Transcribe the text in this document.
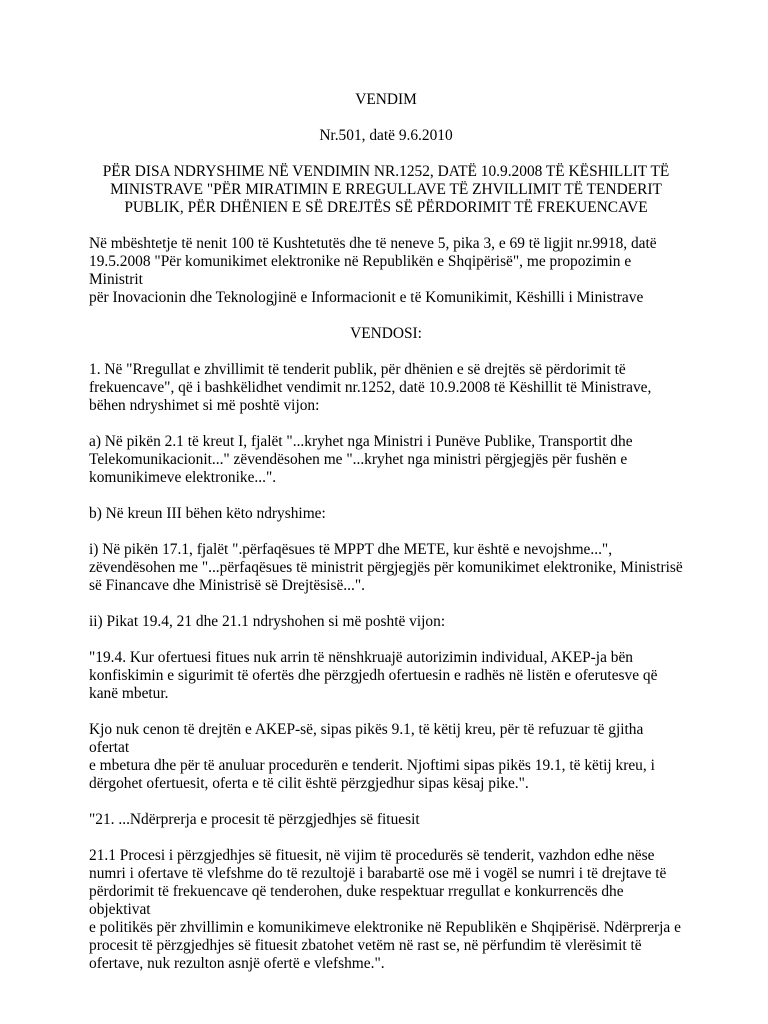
VENDIM

Nr.501, datë 9.6.2010

PËR DISA NDRYSHIME NË VENDIMIN NR.1252, DATË 10.9.2008 TË KËSHILLIT TË
MINISTRAVE "PËR MIRATIMIN E RREGULLAVE TË ZHVILLIMIT TË TENDERIT
PUBLIK, PËR DHËNIEN E SË DREJTËS SË PËRDORIMIT TË FREKUENCAVE

Në mbështetje të nenit 100 të Kushtetutës dhe të neneve 5, pika 3, e 69 të ligjit nr.9918, datë
19.5.2008 "Për komunikimet elektronike në Republikën e Shqipërisë", me propozimin e Ministrit
për Inovacionin dhe Teknologjinë e Informacionit e të Komunikimit, Këshilli i Ministrave

VENDOSI:

1. Në "Rregullat e zhvillimit të tenderit publik, për dhënien e së drejtës së përdorimit të
frekuencave", që i bashkëlidhet vendimit nr.1252, datë 10.9.2008 të Këshillit të Ministrave,
bëhen ndryshimet si më poshtë vijon:

a) Në pikën 2.1 të kreut I, fjalët "...kryhet nga Ministri i Punëve Publike, Transportit dhe
Telekomunikacionit..." zëvendësohen me "...kryhet nga ministri përgjegjës për fushën e
komunikimeve elektronike...".

b) Në kreun III bëhen këto ndryshime:

i) Në pikën 17.1, fjalët ".përfaqësues të MPPT dhe METE, kur është e nevojshme...",
zëvendësohen me "...përfaqësues të ministrit përgjegjës për komunikimet elektronike, Ministrisë
së Financave dhe Ministrisë së Drejtësisë...".

ii) Pikat 19.4, 21 dhe 21.1 ndryshohen si më poshtë vijon:

"19.4. Kur ofertuesi fitues nuk arrin të nënshkruajë autorizimin individual, AKEP-ja bën
konfiskimin e sigurimit të ofertës dhe përzgjedh ofertuesin e radhës në listën e oferutesve që
kanë mbetur.

Kjo nuk cenon të drejtën e AKEP-së, sipas pikës 9.1, të këtij kreu, për të refuzuar të gjitha ofertat
e mbetura dhe për të anuluar procedurën e tenderit. Njoftimi sipas pikës 19.1, të këtij kreu, i
dërgohet ofertuesit, oferta e të cilit është përzgjedhur sipas kësaj pike.".

"21. ...Ndërprerja e procesit të përzgjedhjes së fituesit

21.1 Procesi i përzgjedhjes së fituesit, në vijim të procedurës së tenderit, vazhdon edhe nëse
numri i ofertave të vlefshme do të rezultojë i barabartë ose më i vogël se numri i të drejtave të
përdorimit të frekuencave që tenderohen, duke respektuar rregullat e konkurrencës dhe objektivat
e politikës për zhvillimin e komunikimeve elektronike në Republikën e Shqipërisë. Ndërprerja e
procesit të përzgjedhjes së fituesit zbatohet vetëm në rast se, në përfundim të vlerësimit të
ofertave, nuk rezulton asnjë ofertë e vlefshme.".
